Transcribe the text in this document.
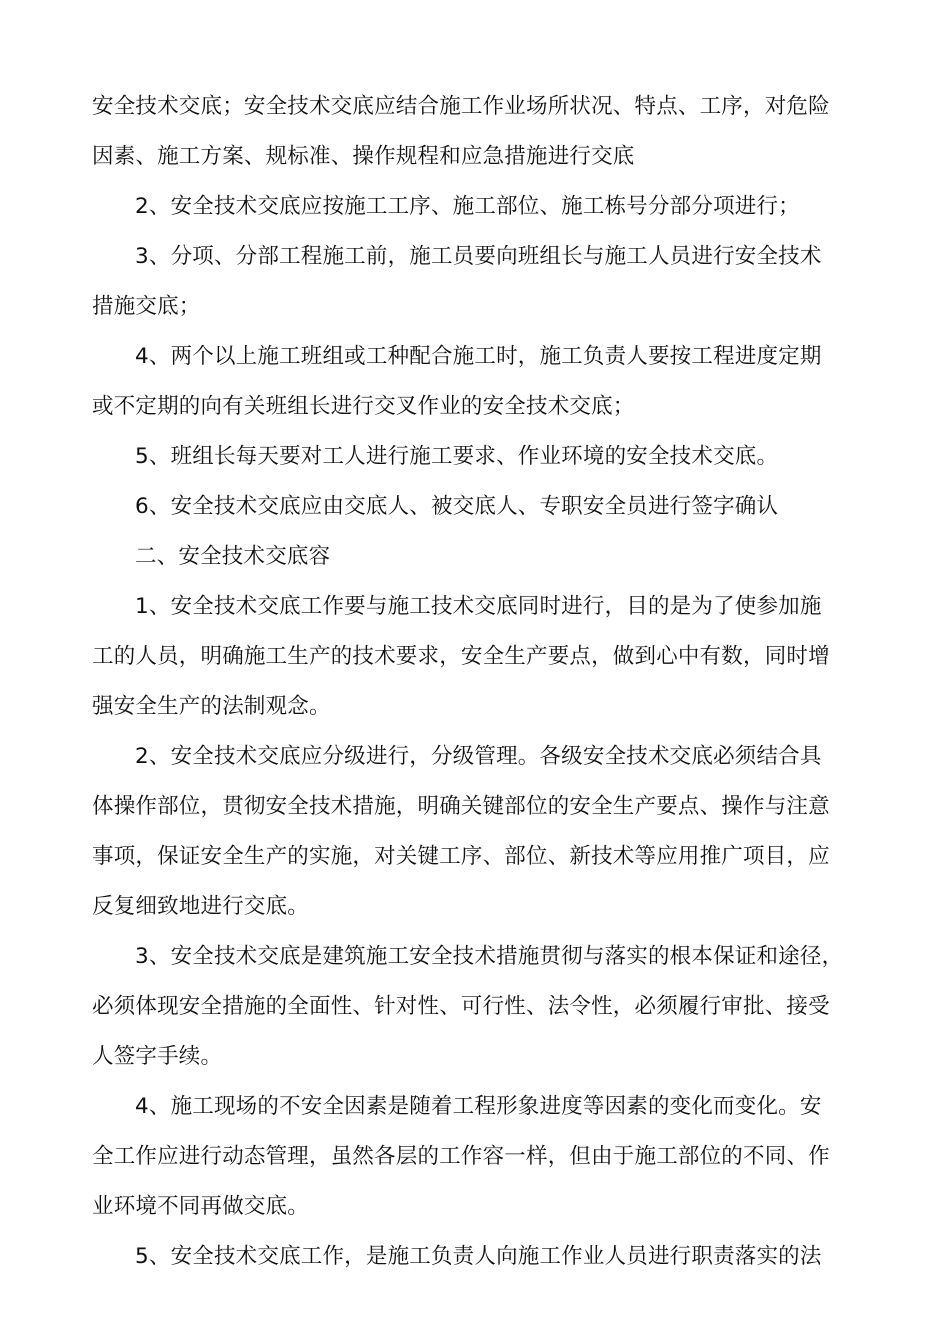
安全技术交底；安全技术交底应结合施工作业场所状况、特点、工序，对危险
因素、施工方案、规标准、操作规程和应急措施进行交底
2、安全技术交底应按施工工序、施工部位、施工栋号分部分项进行；
3、分项、分部工程施工前，施工员要向班组长与施工人员进行安全技术
措施交底；
4、两个以上施工班组或工种配合施工时，施工负责人要按工程进度定期
或不定期的向有关班组长进行交叉作业的安全技术交底；
5、班组长每天要对工人进行施工要求、作业环境的安全技术交底。
6、安全技术交底应由交底人、被交底人、专职安全员进行签字确认
二、安全技术交底容
1、安全技术交底工作要与施工技术交底同时进行，目的是为了使参加施
工的人员，明确施工生产的技术要求，安全生产要点，做到心中有数，同时增
强安全生产的法制观念。
2、安全技术交底应分级进行，分级管理。各级安全技术交底必须结合具
体操作部位，贯彻安全技术措施，明确关键部位的安全生产要点、操作与注意
事项，保证安全生产的实施，对关键工序、部位、新技术等应用推广项目，应
反复细致地进行交底。
3、安全技术交底是建筑施工安全技术措施贯彻与落实的根本保证和途径，
必须体现安全措施的全面性、针对性、可行性、法令性，必须履行审批、接受
人签字手续。
4、施工现场的不安全因素是随着工程形象进度等因素的变化而变化。安
全工作应进行动态管理，虽然各层的工作容一样，但由于施工部位的不同、作
业环境不同再做交底。
5、安全技术交底工作，是施工负责人向施工作业人员进行职责落实的法
